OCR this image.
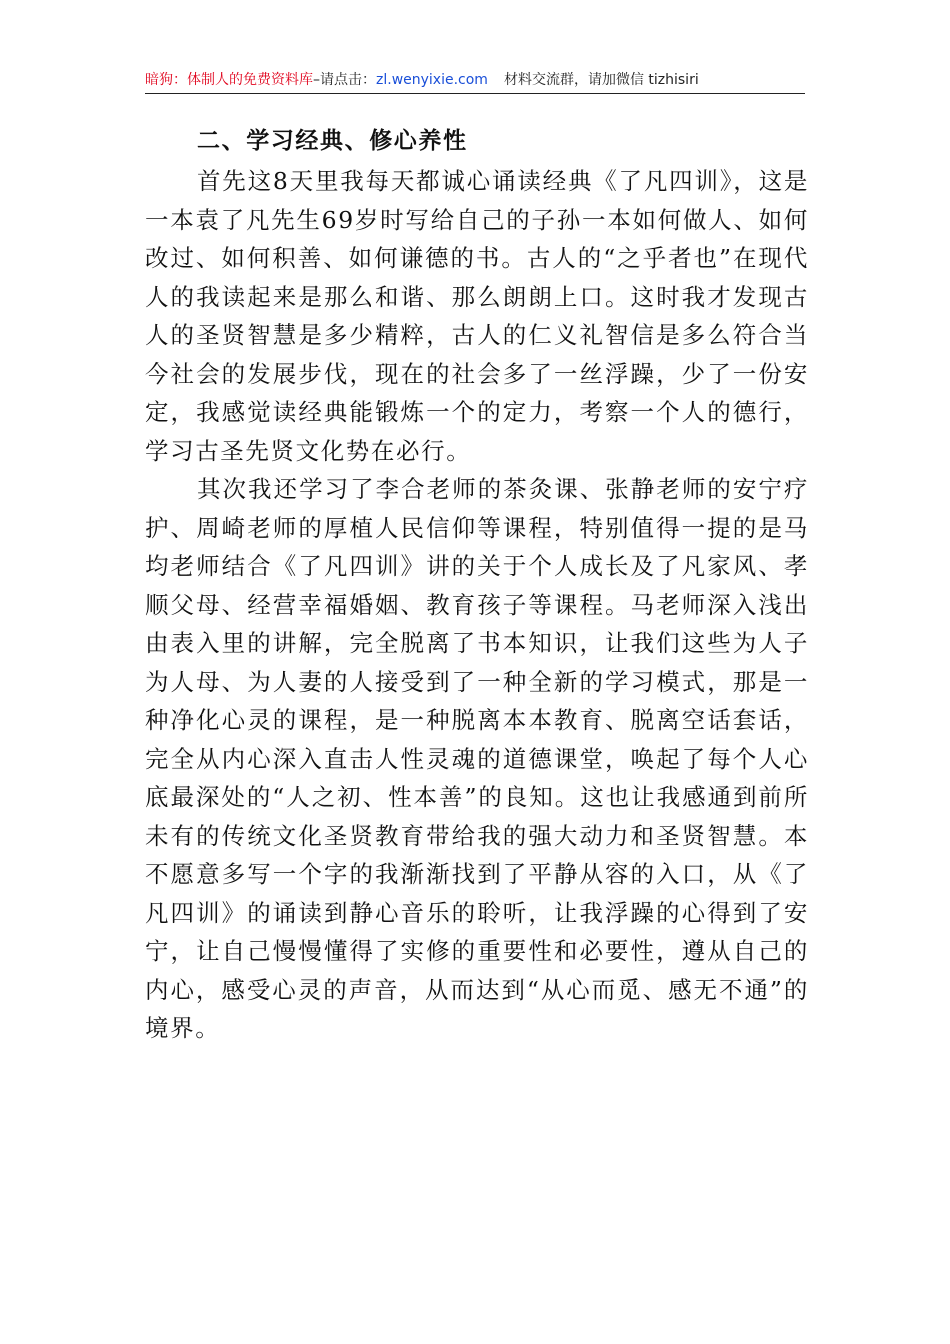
暗狗：体制人的免费资料库–请点击：zl.wenyixie.com 材料交流群，请加微信 tizhisiri
二、学习经典、修心养性

首先这8天里我每天都诚心诵读经典《了凡四训》，这是一本袁了凡先生69岁时写给自己的子孙一本如何做人、如何改过、如何积善、如何谦德的书。古人的“之乎者也”在现代人的我读起来是那么和谐、那么朗朗上口。这时我才发现古人的圣贤智慧是多少精粹，古人的仁义礼智信是多么符合当今社会的发展步伐，现在的社会多了一丝浮躁，少了一份安定，我感觉读经典能锻炼一个的定力，考察一个人的德行，学习古圣先贤文化势在必行。

其次我还学习了李合老师的茶灸课、张静老师的安宁疗护、周崎老师的厚植人民信仰等课程，特别值得一提的是马均老师结合《了凡四训》讲的关于个人成长及了凡家风、孝顺父母、经营幸福婚姻、教育孩子等课程。马老师深入浅出由表入里的讲解，完全脱离了书本知识，让我们这些为人子为人母、为人妻的人接受到了一种全新的学习模式，那是一种净化心灵的课程，是一种脱离本本教育、脱离空话套话，完全从内心深入直击人性灵魂的道德课堂，唤起了每个人心底最深处的“人之初、性本善”的良知。这也让我感通到前所未有的传统文化圣贤教育带给我的强大动力和圣贤智慧。本不愿意多写一个字的我渐渐找到了平静从容的入口，从《了凡四训》的诵读到静心音乐的聆听，让我浮躁的心得到了安宁，让自己慢慢懂得了实修的重要性和必要性，遵从自己的内心，感受心灵的声音，从而达到“从心而觅、感无不通”的境界。
